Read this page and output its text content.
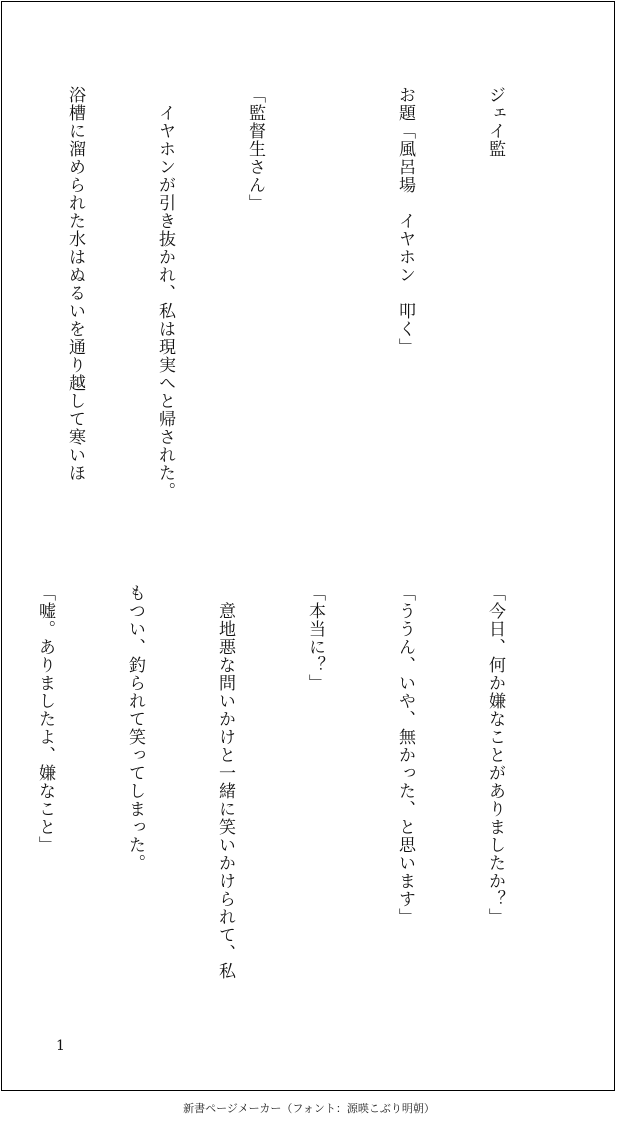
ジェイ監

お題「風呂場　イヤホン　叩く」

「監督生さん」

　イヤホンが引き抜かれ、私は現実へと帰された。

浴槽に溜められた水はぬるいを通り越して寒いほ

「今日、何か嫌なことがありましたか？」

「ううん、いや、無かった、と思います」

「本当に？」

　意地悪な問いかけと一緒に笑いかけられて、私

もつい、釣られて笑ってしまった。

「嘘。ありましたよ、嫌なこと」

1
新書ページメーカー（フォント：源暎こぶり明朝）
